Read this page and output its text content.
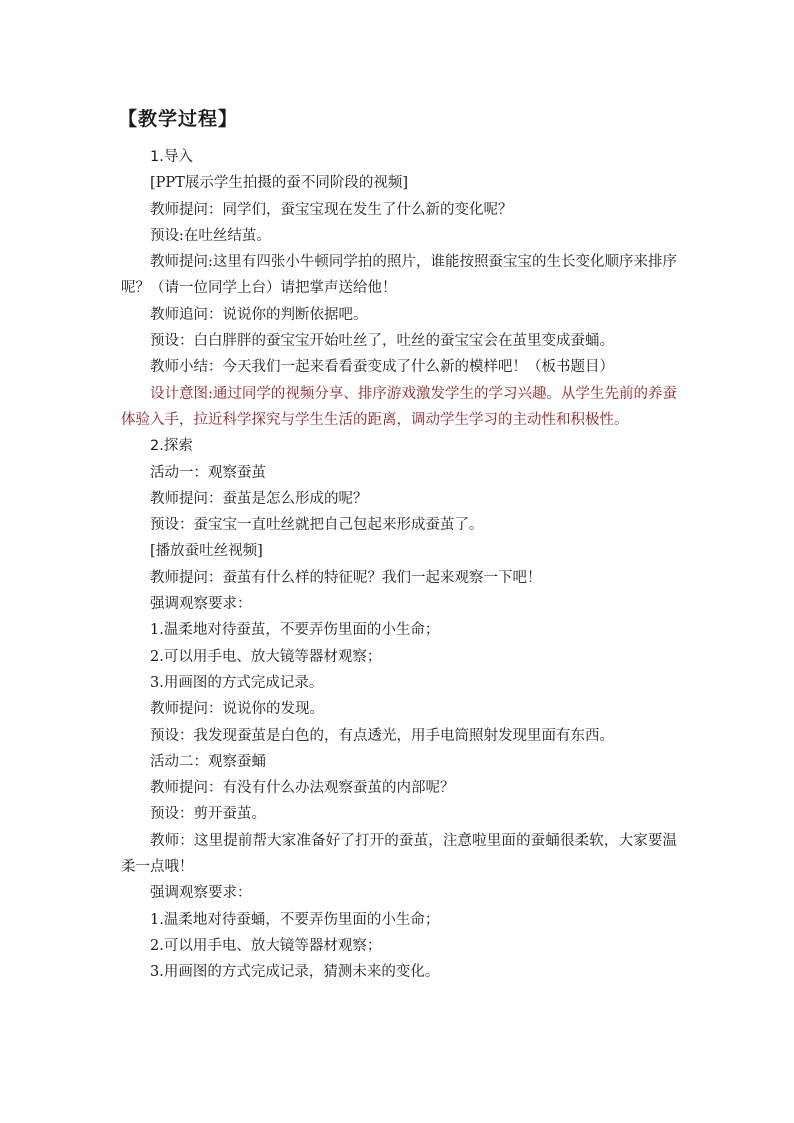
【教学过程】

1.导入

[PPT展示学生拍摄的蚕不同阶段的视频]

教师提问：同学们，蚕宝宝现在发生了什么新的变化呢？

预设:在吐丝结茧。

教师提问:这里有四张小牛顿同学拍的照片，谁能按照蚕宝宝的生长变化顺序来排序呢？（请一位同学上台）请把掌声送给他！

教师追问：说说你的判断依据吧。

预设：白白胖胖的蚕宝宝开始吐丝了，吐丝的蚕宝宝会在茧里变成蚕蛹。

教师小结：今天我们一起来看看蚕变成了什么新的模样吧！（板书题目）

设计意图:通过同学的视频分享、排序游戏激发学生的学习兴趣。从学生先前的养蚕体验入手，拉近科学探究与学生生活的距离，调动学生学习的主动性和积极性。

2.探索

活动一：观察蚕茧

教师提问：蚕茧是怎么形成的呢？

预设：蚕宝宝一直吐丝就把自己包起来形成蚕茧了。

[播放蚕吐丝视频]

教师提问：蚕茧有什么样的特征呢？我们一起来观察一下吧！

强调观察要求：

1.温柔地对待蚕茧，不要弄伤里面的小生命；

2.可以用手电、放大镜等器材观察；

3.用画图的方式完成记录。

教师提问：说说你的发现。

预设：我发现蚕茧是白色的，有点透光，用手电筒照射发现里面有东西。

活动二：观察蚕蛹

教师提问：有没有什么办法观察蚕茧的内部呢？

预设：剪开蚕茧。

教师：这里提前帮大家准备好了打开的蚕茧，注意啦里面的蚕蛹很柔软，大家要温柔一点哦！

强调观察要求：

1.温柔地对待蚕蛹，不要弄伤里面的小生命；

2.可以用手电、放大镜等器材观察；

3.用画图的方式完成记录，猜测未来的变化。
